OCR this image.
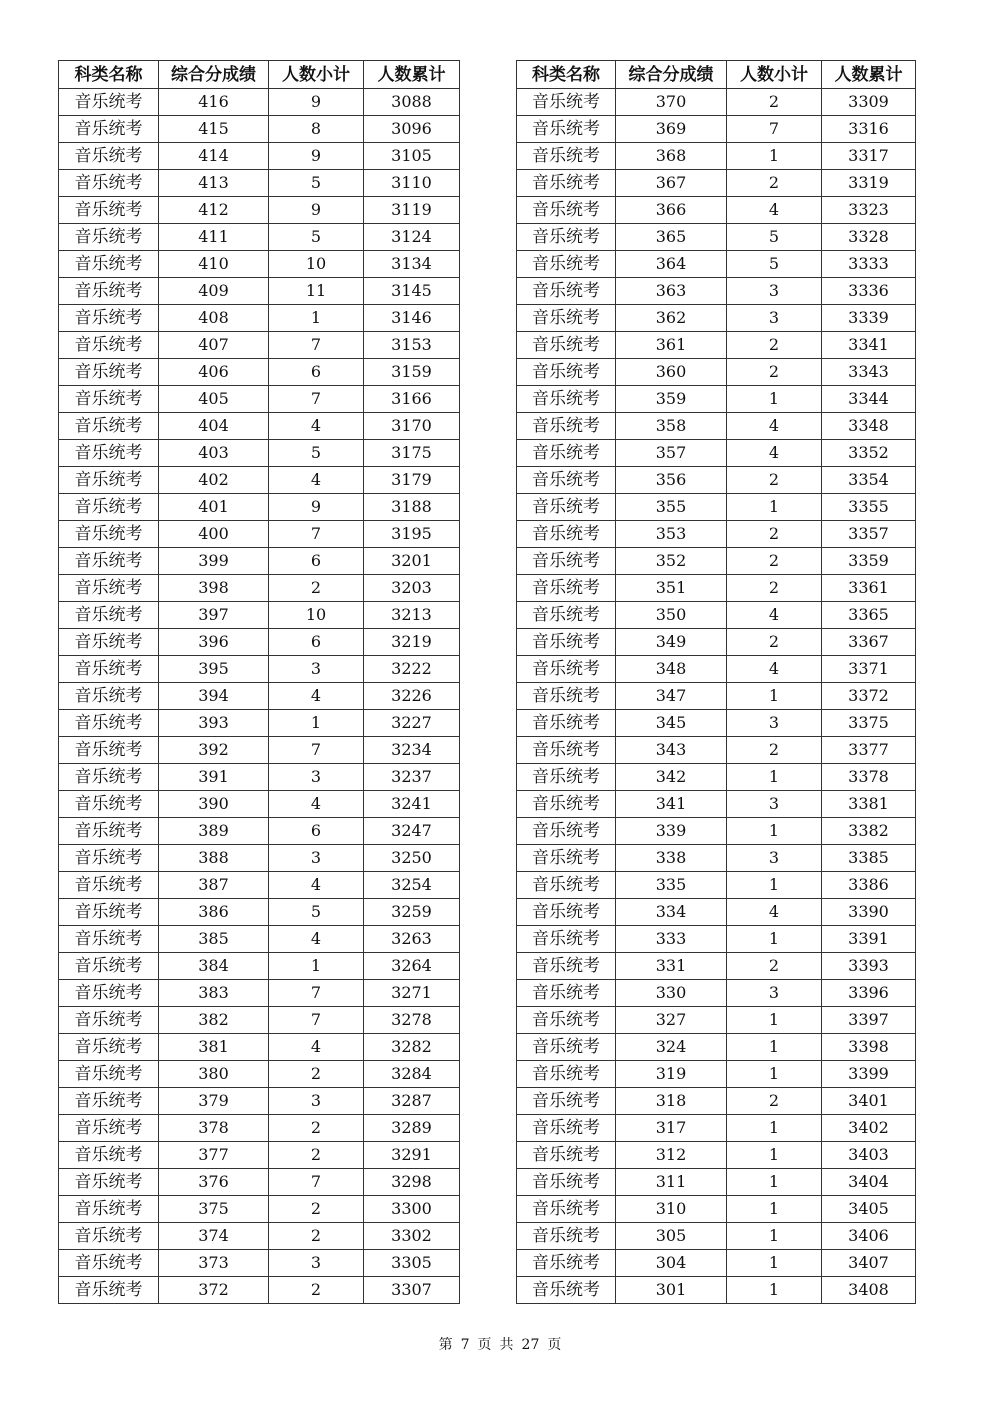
科类名称	综合分成绩	人数小计	人数累计
音乐统考	416	9	3088
音乐统考	415	8	3096
音乐统考	414	9	3105
音乐统考	413	5	3110
音乐统考	412	9	3119
音乐统考	411	5	3124
音乐统考	410	10	3134
音乐统考	409	11	3145
音乐统考	408	1	3146
音乐统考	407	7	3153
音乐统考	406	6	3159
音乐统考	405	7	3166
音乐统考	404	4	3170
音乐统考	403	5	3175
音乐统考	402	4	3179
音乐统考	401	9	3188
音乐统考	400	7	3195
音乐统考	399	6	3201
音乐统考	398	2	3203
音乐统考	397	10	3213
音乐统考	396	6	3219
音乐统考	395	3	3222
音乐统考	394	4	3226
音乐统考	393	1	3227
音乐统考	392	7	3234
音乐统考	391	3	3237
音乐统考	390	4	3241
音乐统考	389	6	3247
音乐统考	388	3	3250
音乐统考	387	4	3254
音乐统考	386	5	3259
音乐统考	385	4	3263
音乐统考	384	1	3264
音乐统考	383	7	3271
音乐统考	382	7	3278
音乐统考	381	4	3282
音乐统考	380	2	3284
音乐统考	379	3	3287
音乐统考	378	2	3289
音乐统考	377	2	3291
音乐统考	376	7	3298
音乐统考	375	2	3300
音乐统考	374	2	3302
音乐统考	373	3	3305
音乐统考	372	2	3307
科类名称	综合分成绩	人数小计	人数累计
音乐统考	370	2	3309
音乐统考	369	7	3316
音乐统考	368	1	3317
音乐统考	367	2	3319
音乐统考	366	4	3323
音乐统考	365	5	3328
音乐统考	364	5	3333
音乐统考	363	3	3336
音乐统考	362	3	3339
音乐统考	361	2	3341
音乐统考	360	2	3343
音乐统考	359	1	3344
音乐统考	358	4	3348
音乐统考	357	4	3352
音乐统考	356	2	3354
音乐统考	355	1	3355
音乐统考	353	2	3357
音乐统考	352	2	3359
音乐统考	351	2	3361
音乐统考	350	4	3365
音乐统考	349	2	3367
音乐统考	348	4	3371
音乐统考	347	1	3372
音乐统考	345	3	3375
音乐统考	343	2	3377
音乐统考	342	1	3378
音乐统考	341	3	3381
音乐统考	339	1	3382
音乐统考	338	3	3385
音乐统考	335	1	3386
音乐统考	334	4	3390
音乐统考	333	1	3391
音乐统考	331	2	3393
音乐统考	330	3	3396
音乐统考	327	1	3397
音乐统考	324	1	3398
音乐统考	319	1	3399
音乐统考	318	2	3401
音乐统考	317	1	3402
音乐统考	312	1	3403
音乐统考	311	1	3404
音乐统考	310	1	3405
音乐统考	305	1	3406
音乐统考	304	1	3407
音乐统考	301	1	3408
第 7 页 共 27 页
